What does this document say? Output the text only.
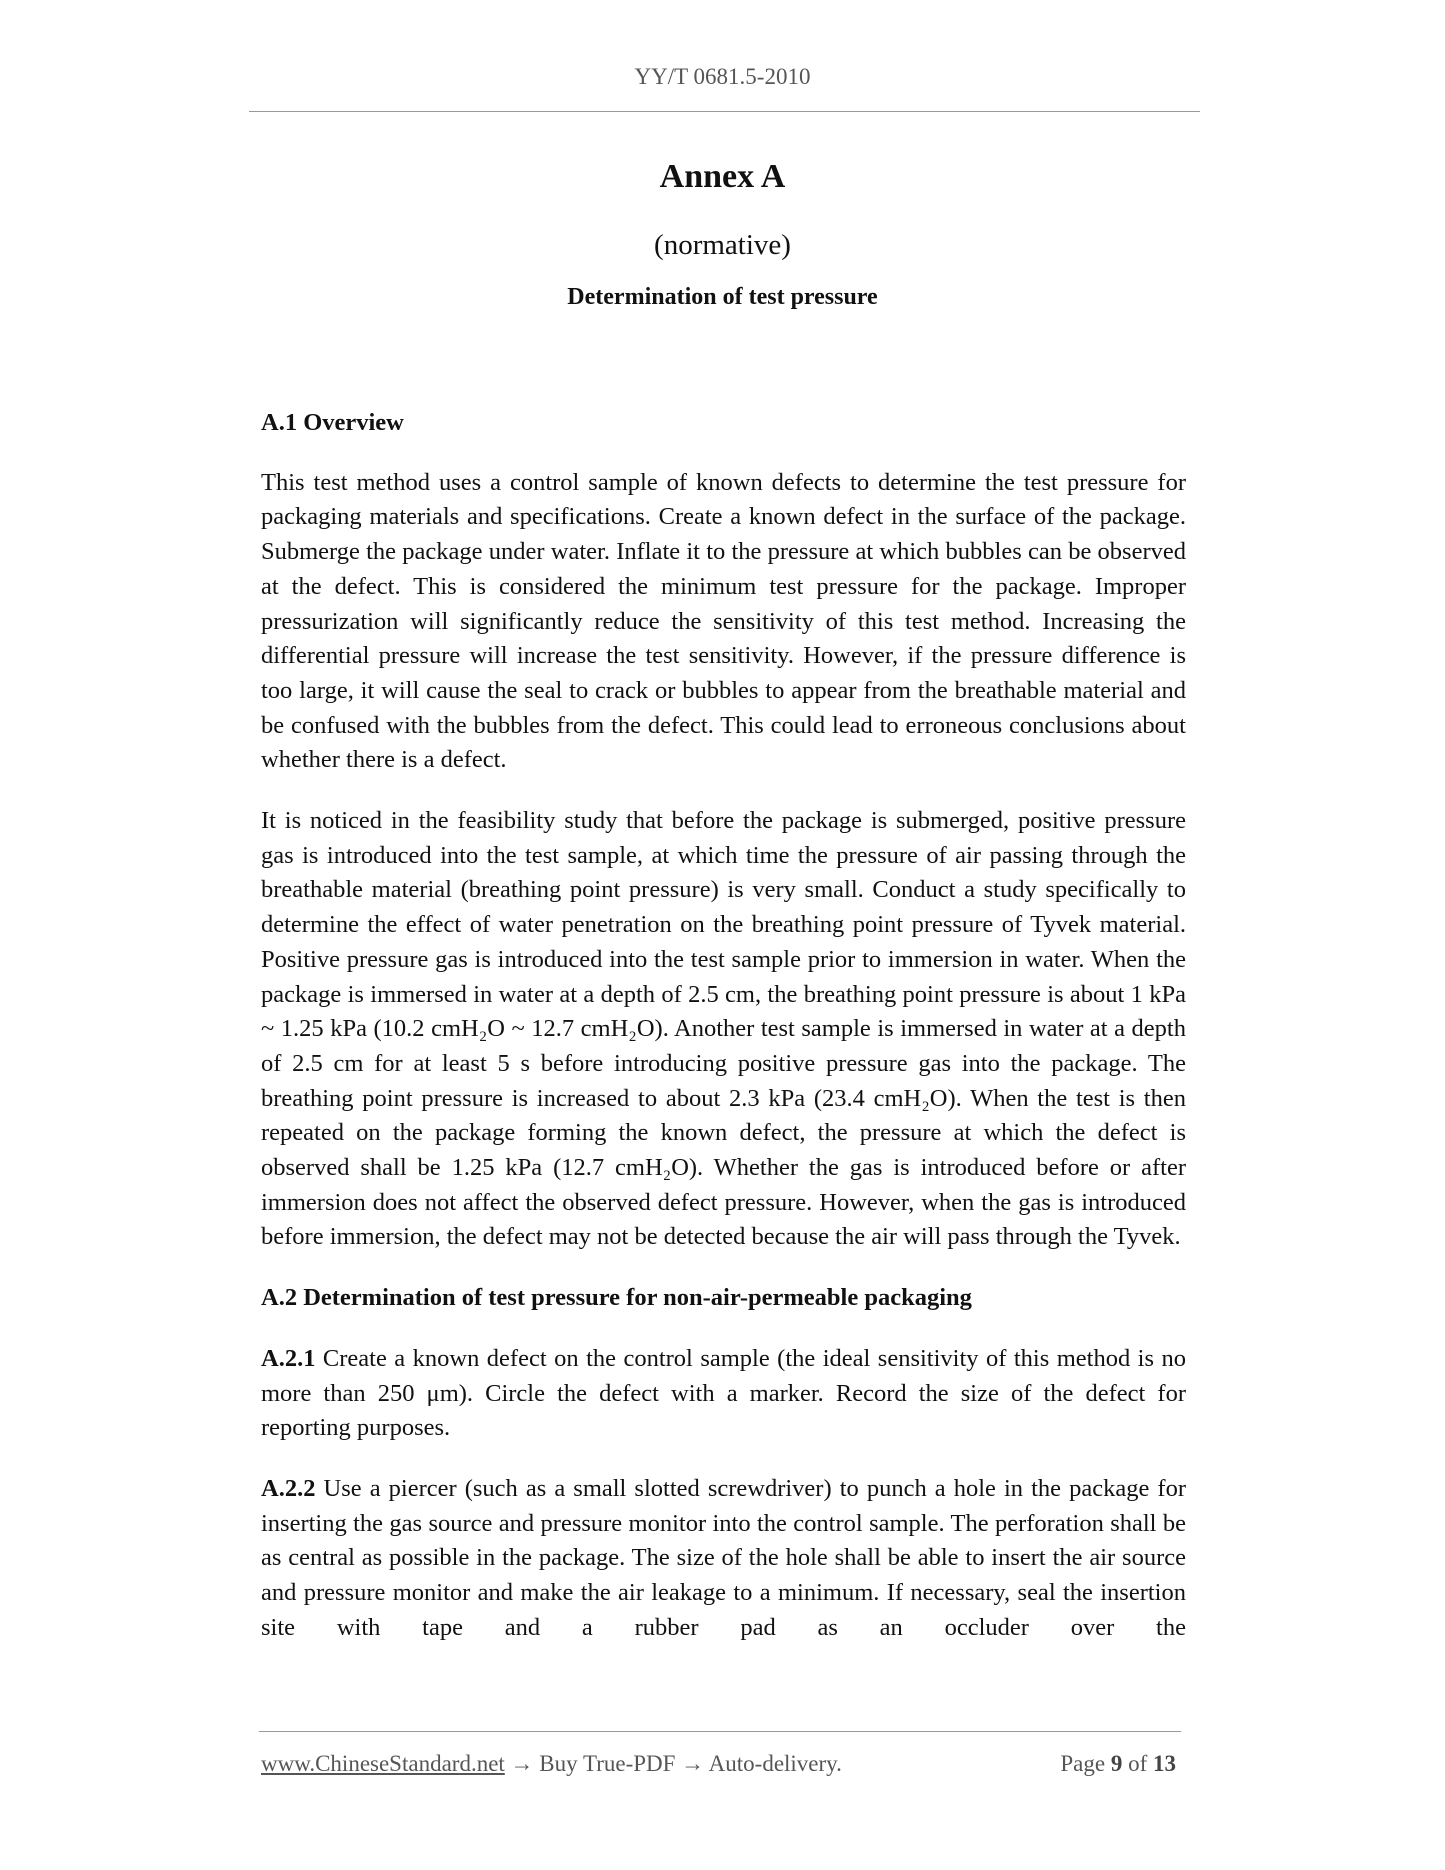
YY/T 0681.5-2010
Annex A
(normative)
Determination of test pressure
A.1 Overview

This test method uses a control sample of known defects to determine the test pressure for packaging materials and specifications. Create a known defect in the surface of the package. Submerge the package under water. Inflate it to the pressure at which bubbles can be observed at the defect. This is considered the minimum test pressure for the package. Improper pressurization will significantly reduce the sensitivity of this test method. Increasing the differential pressure will increase the test sensitivity. However, if the pressure difference is too large, it will cause the seal to crack or bubbles to appear from the breathable material and be confused with the bubbles from the defect. This could lead to erroneous conclusions about whether there is a defect.

It is noticed in the feasibility study that before the package is submerged, positive pressure gas is introduced into the test sample, at which time the pressure of air passing through the breathable material (breathing point pressure) is very small. Conduct a study specifically to determine the effect of water penetration on the breathing point pressure of Tyvek material. Positive pressure gas is introduced into the test sample prior to immersion in water. When the package is immersed in water at a depth of 2.5 cm, the breathing point pressure is about 1 kPa ~ 1.25 kPa (10.2 cmH₂O ~ 12.7 cmH₂O). Another test sample is immersed in water at a depth of 2.5 cm for at least 5 s before introducing positive pressure gas into the package. The breathing point pressure is increased to about 2.3 kPa (23.4 cmH₂O). When the test is then repeated on the package forming the known defect, the pressure at which the defect is observed shall be 1.25 kPa (12.7 cmH₂O). Whether the gas is introduced before or after immersion does not affect the observed defect pressure. However, when the gas is introduced before immersion, the defect may not be detected because the air will pass through the Tyvek.

A.2 Determination of test pressure for non-air-permeable packaging

A.2.1 Create a known defect on the control sample (the ideal sensitivity of this method is no more than 250 μm). Circle the defect with a marker. Record the size of the defect for reporting purposes.

A.2.2 Use a piercer (such as a small slotted screwdriver) to punch a hole in the package for inserting the gas source and pressure monitor into the control sample. The perforation shall be as central as possible in the package. The size of the hole shall be able to insert the air source and pressure monitor and make the air leakage to a minimum. If necessary, seal the insertion site with tape and a rubber pad as an occluder over the

www.ChineseStandard.net → Buy True-PDF → Auto-delivery.	Page 9 of 13
